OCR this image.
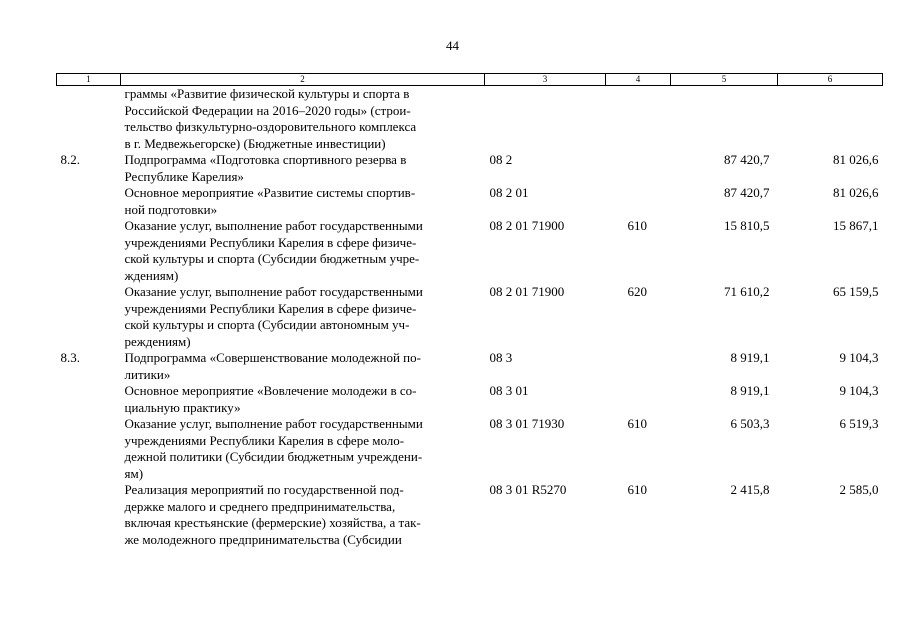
44
1	2	3	4	5	6
	граммы «Развитие физической культуры и спорта в
Российской Федерации на 2016–2020 годы» (строи-
тельство физкультурно-оздоровительного комплекса
в г. Медвежьегорске) (Бюджетные инвестиции)				
8.2.	Подпрограмма «Подготовка спортивного резерва в
Республике Карелия»	08 2		87 420,7	81 026,6
	Основное мероприятие «Развитие системы спортив-
ной подготовки»	08 2 01		87 420,7	81 026,6
	Оказание услуг, выполнение работ государственными
учреждениями Республики Карелия в сфере физиче-
ской культуры и спорта (Субсидии бюджетным учре-
ждениям)	08 2 01 71900	610	15 810,5	15 867,1
	Оказание услуг, выполнение работ государственными
учреждениями Республики Карелия в сфере физиче-
ской культуры и спорта (Субсидии автономным уч-
реждениям)	08 2 01 71900	620	71 610,2	65 159,5
8.3.	Подпрограмма «Совершенствование молодежной по-
литики»	08 3		8 919,1	9 104,3
	Основное мероприятие «Вовлечение молодежи в со-
циальную практику»	08 3 01		8 919,1	9 104,3
	Оказание услуг, выполнение работ государственными
учреждениями Республики Карелия в сфере моло-
дежной политики (Субсидии бюджетным учреждени-
ям)	08 3 01 71930	610	6 503,3	6 519,3
	Реализация мероприятий по государственной под-
держке малого и среднего предпринимательства,
включая крестьянские (фермерские) хозяйства, а так-
же молодежного предпринимательства (Субсидии	08 3 01 R5270	610	2 415,8	2 585,0
